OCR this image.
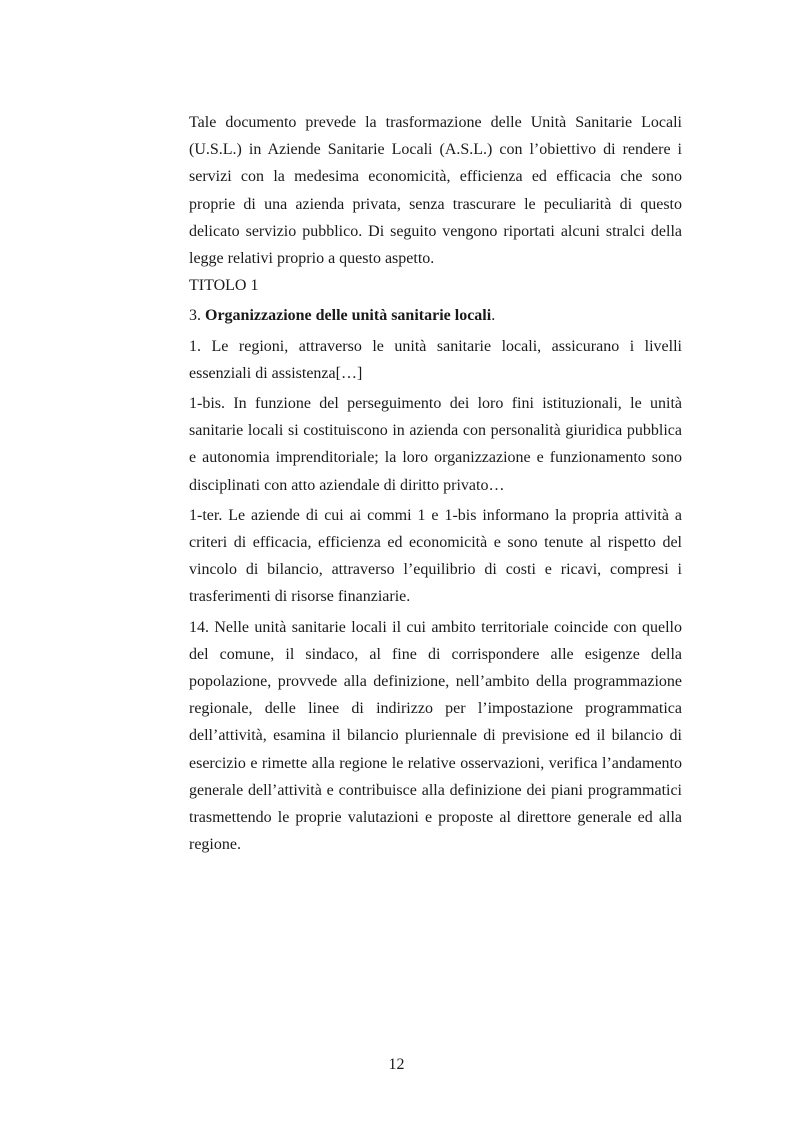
Tale documento prevede la trasformazione delle Unità Sanitarie Locali (U.S.L.) in Aziende Sanitarie Locali (A.S.L.) con l’obiettivo di rendere i servizi con la medesima economicità, efficienza ed efficacia che sono proprie di una azienda privata, senza trascurare le peculiarità di questo delicato servizio pubblico. Di seguito vengono riportati alcuni stralci della legge relativi proprio a questo aspetto.

TITOLO 1

3. Organizzazione delle unità sanitarie locali.

1. Le regioni, attraverso le unità sanitarie locali, assicurano i livelli essenziali di assistenza[…]

1-bis. In funzione del perseguimento dei loro fini istituzionali, le unità sanitarie locali si costituiscono in azienda con personalità giuridica pubblica e autonomia imprenditoriale; la loro organizzazione e funzionamento sono disciplinati con atto aziendale di diritto privato…

1-ter. Le aziende di cui ai commi 1 e 1-bis informano la propria attività a criteri di efficacia, efficienza ed economicità e sono tenute al rispetto del vincolo di bilancio, attraverso l’equilibrio di costi e ricavi, compresi i trasferimenti di risorse finanziarie.

14. Nelle unità sanitarie locali il cui ambito territoriale coincide con quello del comune, il sindaco, al fine di corrispondere alle esigenze della popolazione, provvede alla definizione, nell’ambito della programmazione regionale, delle linee di indirizzo per l’impostazione programmatica dell’attività, esamina il bilancio pluriennale di previsione ed il bilancio di esercizio e rimette alla regione le relative osservazioni, verifica l’andamento generale dell’attività e contribuisce alla definizione dei piani programmatici trasmettendo le proprie valutazioni e proposte al direttore generale ed alla regione.

12
